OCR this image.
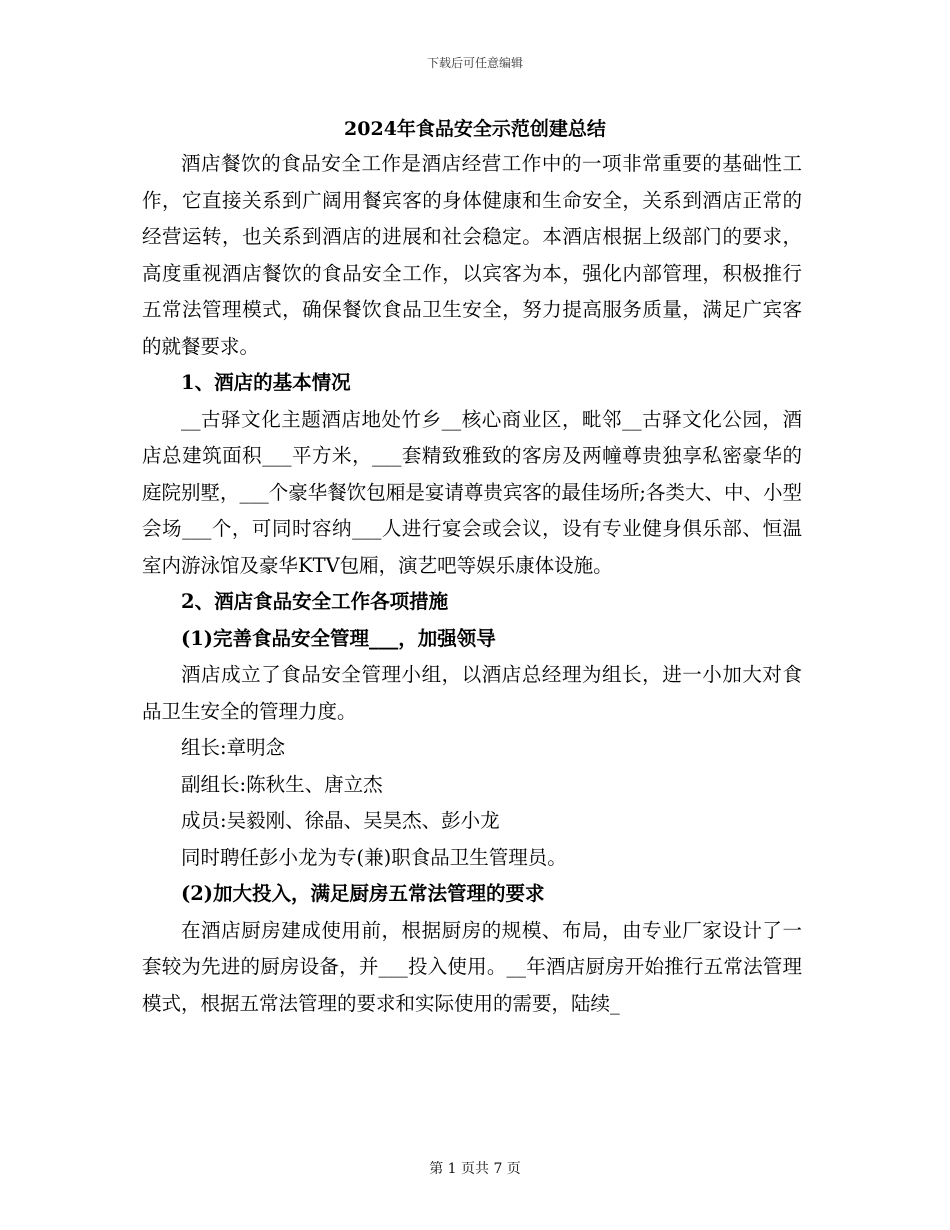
下载后可任意编辑
2024年食品安全示范创建总结

酒店餐饮的食品安全工作是酒店经营工作中的一项非常重要的基础性工作，它直接关系到广阔用餐宾客的身体健康和生命安全，关系到酒店正常的经营运转，也关系到酒店的进展和社会稳定。本酒店根据上级部门的要求，高度重视酒店餐饮的食品安全工作，以宾客为本，强化内部管理，积极推行五常法管理模式，确保餐饮食品卫生安全，努力提高服务质量，满足广宾客的就餐要求。

1、酒店的基本情况

__古驿文化主题酒店地处竹乡__核心商业区，毗邻__古驿文化公园，酒店总建筑面积___平方米，___套精致雅致的客房及两幢尊贵独享私密豪华的庭院别墅，___个豪华餐饮包厢是宴请尊贵宾客的最佳场所;各类大、中、小型会场___个，可同时容纳___人进行宴会或会议，设有专业健身俱乐部、恒温室内游泳馆及豪华KTV包厢，演艺吧等娱乐康体设施。

2、酒店食品安全工作各项措施

(1)完善食品安全管理___，加强领导

酒店成立了食品安全管理小组，以酒店总经理为组长，进一小加大对食品卫生安全的管理力度。

组长:章明念

副组长:陈秋生、唐立杰

成员:吴毅刚、徐晶、吴昊杰、彭小龙

同时聘任彭小龙为专(兼)职食品卫生管理员。

(2)加大投入，满足厨房五常法管理的要求

在酒店厨房建成使用前，根据厨房的规模、布局，由专业厂家设计了一套较为先进的厨房设备，并___投入使用。__年酒店厨房开始推行五常法管理模式，根据五常法管理的要求和实际使用的需要，陆续_

第 1 页共 7 页
